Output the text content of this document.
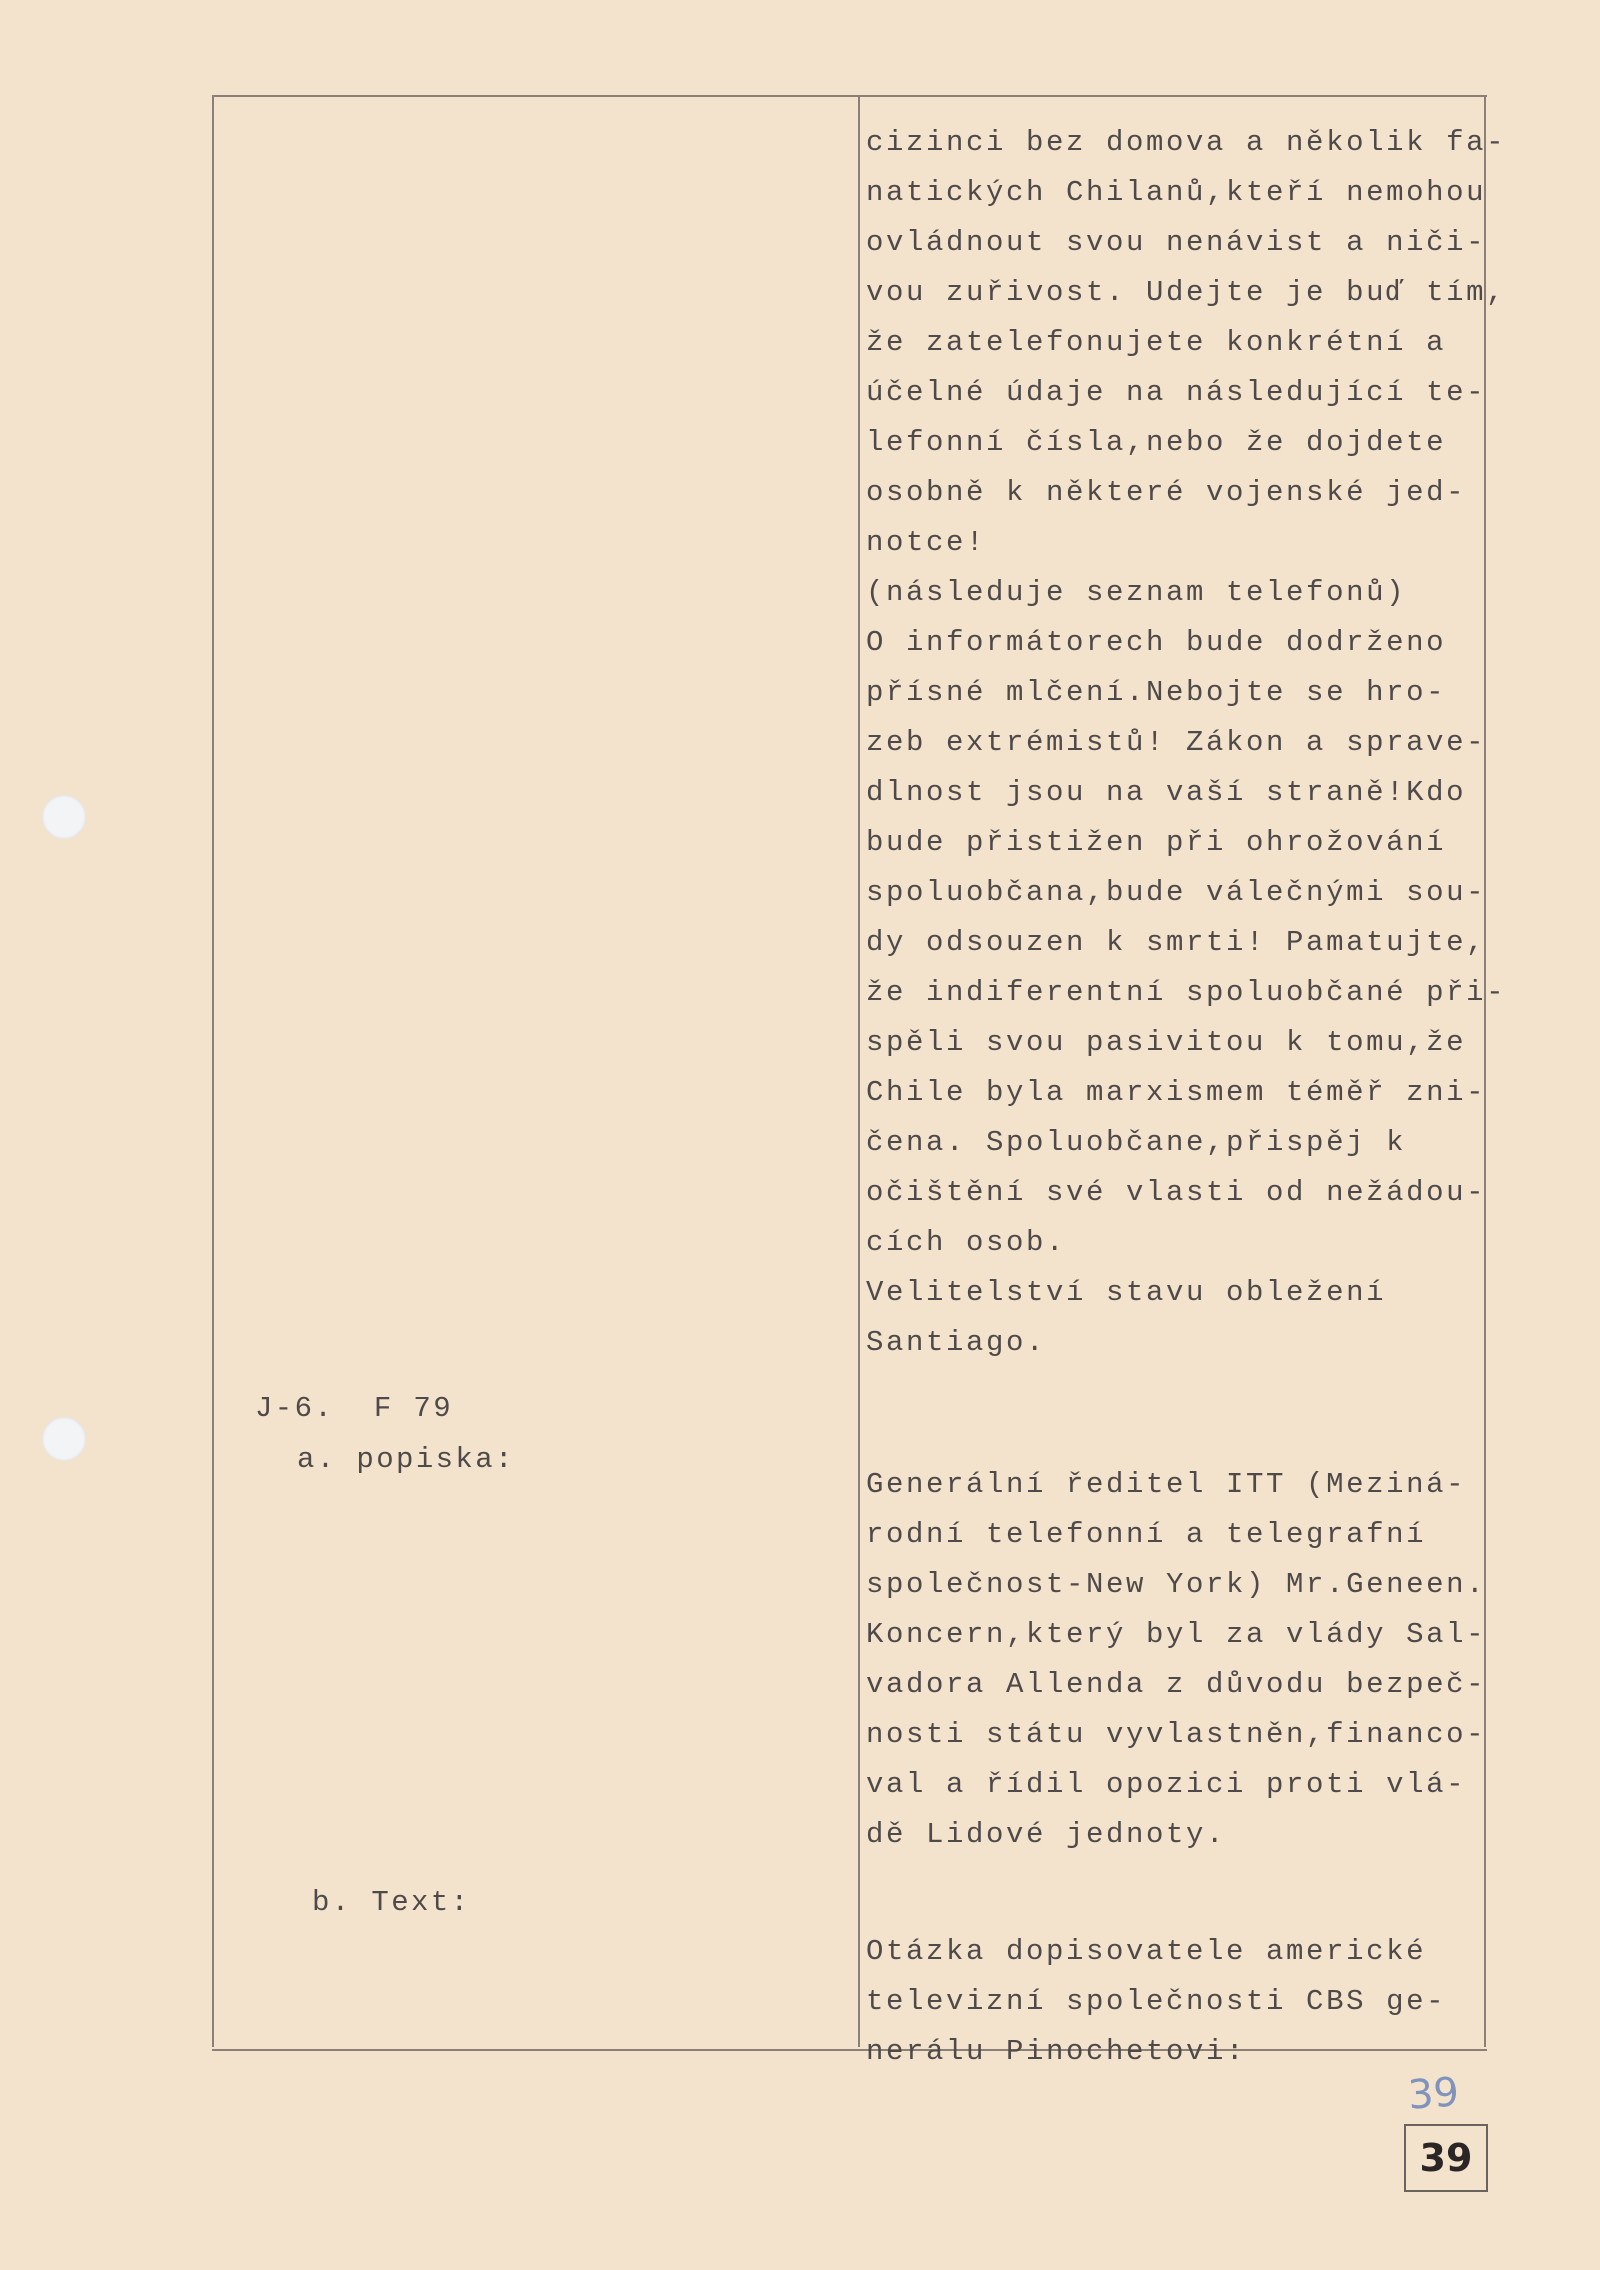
J-6.  F 79
a. popiska:
b. Text:
cizinci bez domova a několik fa-
natických Chilanů,kteří nemohou
ovládnout svou nenávist a niči-
vou zuřivost. Udejte je buď tím,
že zatelefonujete konkrétní a
účelné údaje na následující te-
lefonní čísla,nebo že dojdete
osobně k některé vojenské jed-
notce!
(následuje seznam telefonů)
O informátorech bude dodrženo
přísné mlčení.Nebojte se hro-
zeb extrémistů! Zákon a sprave-
dlnost jsou na vaší straně!Kdo
bude přistižen při ohrožování
spoluobčana,bude válečnými sou-
dy odsouzen k smrti! Pamatujte,
že indiferentní spoluobčané při-
spěli svou pasivitou k tomu,že
Chile byla marxismem téměř zni-
čena. Spoluobčane,přispěj k
očištění své vlasti od nežádou-
cích osob.
Velitelství stavu obležení
Santiago.
Generální ředitel ITT (Meziná-
rodní telefonní a telegrafní
společnost-New York) Mr.Geneen.
Koncern,který byl za vlády Sal-
vadora Allenda z důvodu bezpeč-
nosti státu vyvlastněn,financo-
val a řídil opozici proti vlá-
dě Lidové jednoty.
Otázka dopisovatele americké
televizní společnosti CBS ge-
nerálu Pinochetovi:
39
39
